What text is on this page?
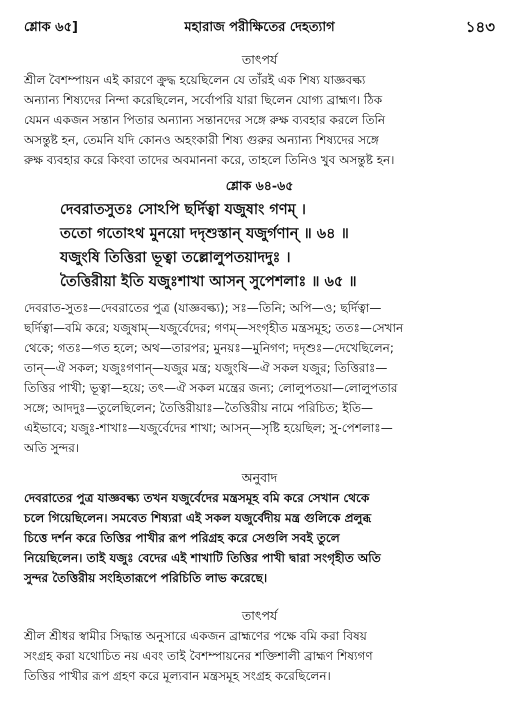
শ্লোক ৬৫]	মহারাজ পরীক্ষিতের দেহত্যাগ	১৪৩
তাৎপর্য
শ্রীল বৈশম্পায়ন এই কারণে ক্রুদ্ধ হয়েছিলেন যে তাঁরই এক শিষ্য যাজ্ঞবল্ক্য
অন্যান্য শিষ্যদের নিন্দা করেছিলেন, সর্বোপরি যারা ছিলেন যোগ্য ব্রাহ্মণ। ঠিক
যেমন একজন সন্তান পিতার অন্যান্য সন্তানদের সঙ্গে রুক্ষ ব্যবহার করলে তিনি
অসন্তুষ্ট হন, তেমনি যদি কোনও অহংকারী শিষ্য গুরুর অন্যান্য শিষ্যদের সঙ্গে
রুক্ষ ব্যবহার করে কিংবা তাদের অবমাননা করে, তাহলে তিনিও খুব অসন্তুষ্ট হন।
শ্লোক ৬৪-৬৫
দেবরাতসুতঃ সোঽপি ছর্দিত্বা যজুষাং গণম্ ।
ততো গতোঽথ মুনয়ো দদৃশুস্তান্ যজুর্গণান্ ॥ ৬৪ ॥
যজুংষি তিত্তিরা ভূত্বা তল্লোলুপতয়াদদুঃ ।
তৈত্তিরীয়া ইতি যজুঃশাখা আসন্ সুপেশলাঃ ॥ ৬৫ ॥
দেবরাত-সুতঃ—দেবরাতের পুত্র (যাজ্ঞবল্ক্য); সঃ—তিনি; অপি—ও; ছর্দিত্বা—
ছর্দিত্বা—বমি করে; যজুষাম্—যজুর্বেদের; গণম্—সংগৃহীত মন্ত্রসমূহ; ততঃ—সেখান
থেকে; গতঃ—গত হলে; অথ—তারপর; মুনয়ঃ—মুনিগণ; দদৃশুঃ—দেখেছিলেন;
তান্—ঐ সকল; যজুঃগণান্—যজুর মন্ত্র; যজুংষি—ঐ সকল যজুর; তিত্তিরাঃ—
তিত্তির পাখী; ভূত্বা—হয়ে; তৎ—ঐ সকল মন্ত্রের জন্য; লোলুপতয়া—লোলুপতার
সঙ্গে; আদদুঃ—তুলেছিলেন; তৈত্তিরীয়াঃ—তৈত্তিরীয় নামে পরিচিত; ইতি—
এইভাবে; যজুঃ-শাখাঃ—যজুর্বেদের শাখা; আসন্—সৃষ্টি হয়েছিল; সু-পেশলাঃ—
অতি সুন্দর।
অনুবাদ
দেবরাতের পুত্র যাজ্ঞবল্ক্য তখন যজুর্বেদের মন্ত্রসমূহ বমি করে সেখান থেকে
চলে গিয়েছিলেন। সমবেত শিষ্যরা এই সকল যজুর্বেদীয় মন্ত্র গুলিকে প্রলুব্ধ
চিত্তে দর্শন করে তিত্তির পাখীর রূপ পরিগ্রহ করে সেগুলি সবই তুলে
নিয়েছিলেন। তাই যজুঃ বেদের এই শাখাটি তিত্তির পাখী দ্বারা সংগৃহীত অতি
সুন্দর তৈত্তিরীয় সংহিতারূপে পরিচিতি লাভ করেছে।
তাৎপর্য
শ্রীল শ্রীধর স্বামীর সিদ্ধান্ত অনুসারে একজন ব্রাহ্মণের পক্ষে বমি করা বিষয়
সংগ্রহ করা যথোচিত নয় এবং তাই বৈশম্পায়নের শক্তিশালী ব্রাহ্মণ শিষ্যগণ
তিত্তির পাখীর রূপ গ্রহণ করে মূল্যবান মন্ত্রসমূহ সংগ্রহ করেছিলেন।
